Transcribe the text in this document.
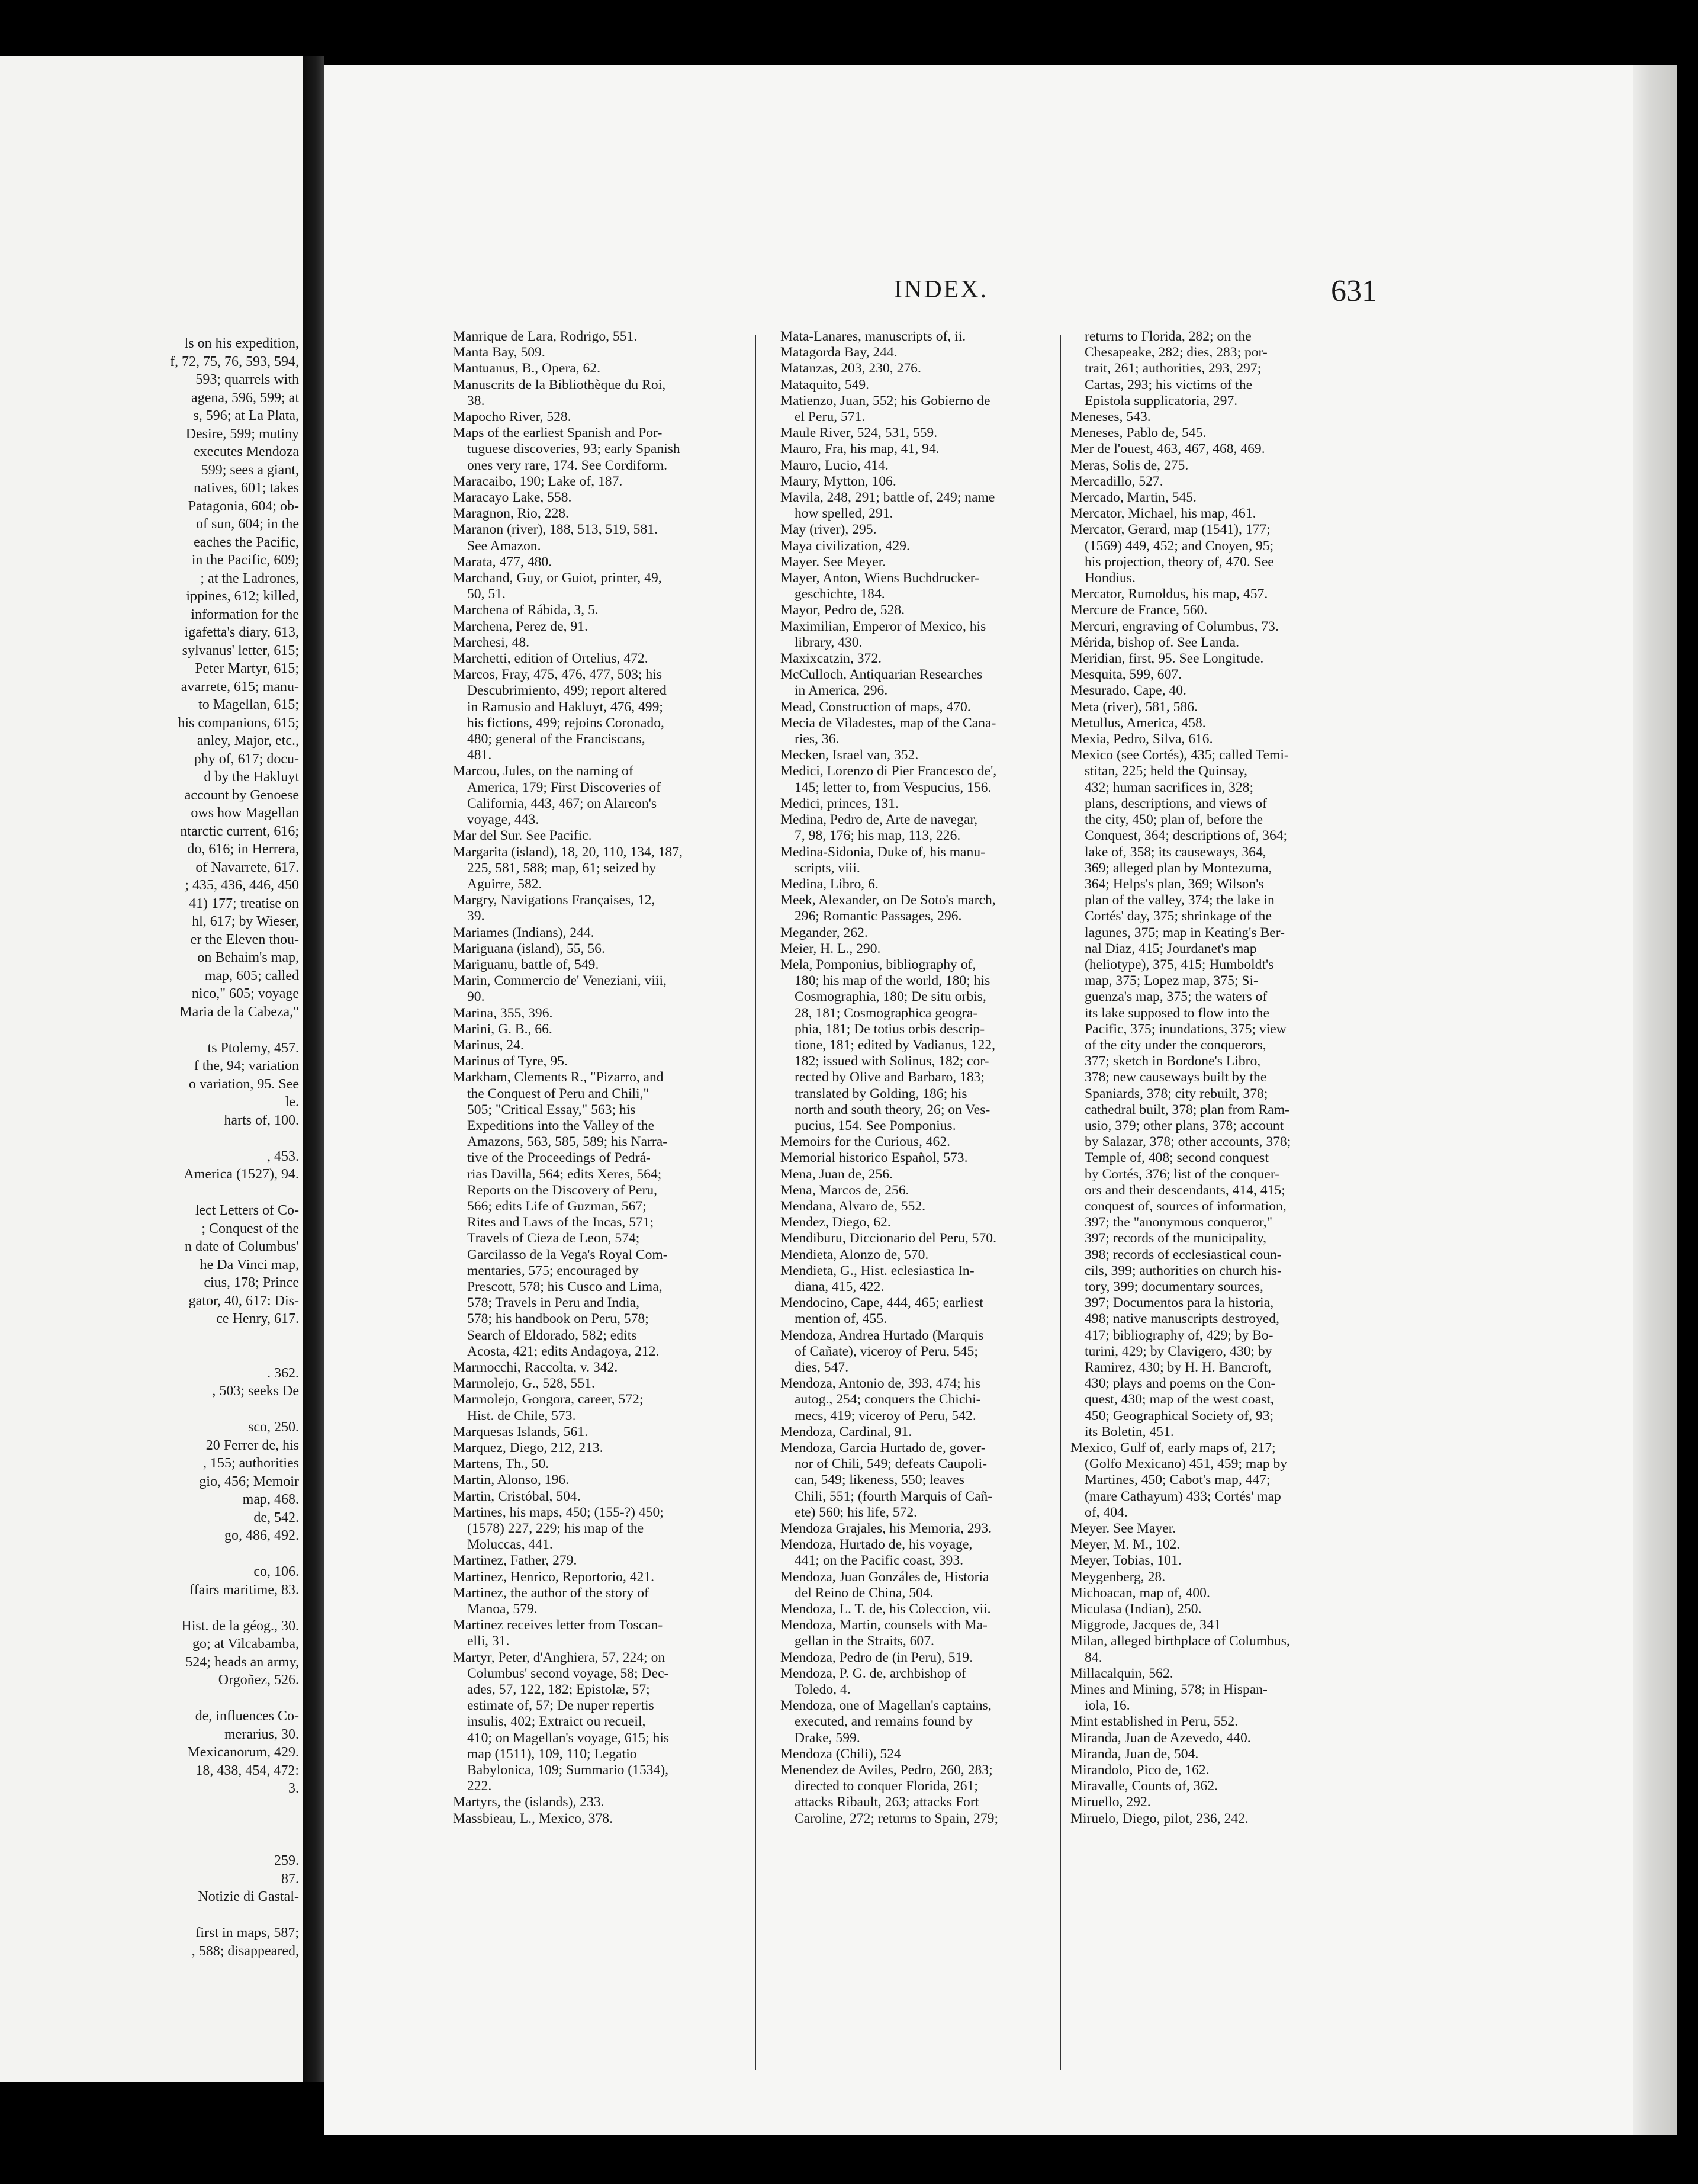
ls on his expedition,
f, 72, 75, 76, 593, 594,
593; quarrels with
agena, 596, 599; at
s, 596; at La Plata,
Desire, 599; mutiny
executes Mendoza
599; sees a giant,
natives, 601; takes
Patagonia, 604; ob-
of sun, 604; in the
eaches the Pacific,
in the Pacific, 609;
; at the Ladrones,
ippines, 612; killed,
information for the
igafetta's diary, 613,
sylvanus' letter, 615;
Peter Martyr, 615;
avarrete, 615; manu-
to Magellan, 615;
his companions, 615;
anley, Major, etc.,
phy of, 617; docu-
d by the Hakluyt
account by Genoese
ows how Magellan
ntarctic current, 616;
do, 616; in Herrera,
of Navarrete, 617.
; 435, 436, 446, 450
41) 177; treatise on
hl, 617; by Wieser,
er the Eleven thou-
on Behaim's map,
map, 605; called
nico," 605; voyage
Maria de la Cabeza,"

ts Ptolemy, 457.
f the, 94; variation
o variation, 95. See
le.
harts of, 100.

, 453.
America (1527), 94.

lect Letters of Co-
; Conquest of the
n date of Columbus'
he Da Vinci map,
cius, 178; Prince
gator, 40, 617: Dis-
ce Henry, 617.

. 362.
, 503; seeks De

sco, 250.
20 Ferrer de, his
, 155; authorities
gio, 456; Memoir
map, 468.
de, 542.
go, 486, 492.

co, 106.
ffairs maritime, 83.

Hist. de la géog., 30.
go; at Vilcabamba,
524; heads an army,
Orgoñez, 526.

de, influences Co-
merarius, 30.
Mexicanorum, 429.
18, 438, 454, 472:
3.

259.
87.
Notizie di Gastal-

first in maps, 587;
, 588; disappeared,
INDEX.	631
Manrique de Lara, Rodrigo, 551.
Manta Bay, 509.
Mantuanus, B., Opera, 62.
Manuscrits de la Bibliothèque du Roi,
38.
Mapocho River, 528.
Maps of the earliest Spanish and Por-
tuguese discoveries, 93; early Spanish
ones very rare, 174. See Cordiform.
Maracaibo, 190; Lake of, 187.
Maracayo Lake, 558.
Maragnon, Rio, 228.
Maranon (river), 188, 513, 519, 581.
See Amazon.
Marata, 477, 480.
Marchand, Guy, or Guiot, printer, 49,
50, 51.
Marchena of Rábida, 3, 5.
Marchena, Perez de, 91.
Marchesi, 48.
Marchetti, edition of Ortelius, 472.
Marcos, Fray, 475, 476, 477, 503; his
Descubrimiento, 499; report altered
in Ramusio and Hakluyt, 476, 499;
his fictions, 499; rejoins Coronado,
480; general of the Franciscans,
481.
Marcou, Jules, on the naming of
America, 179; First Discoveries of
California, 443, 467; on Alarcon's
voyage, 443.
Mar del Sur. See Pacific.
Margarita (island), 18, 20, 110, 134, 187,
225, 581, 588; map, 61; seized by
Aguirre, 582.
Margry, Navigations Françaises, 12,
39.
Mariames (Indians), 244.
Mariguana (island), 55, 56.
Mariguanu, battle of, 549.
Marin, Commercio de' Veneziani, viii,
90.
Marina, 355, 396.
Marini, G. B., 66.
Marinus, 24.
Marinus of Tyre, 95.
Markham, Clements R., "Pizarro, and
the Conquest of Peru and Chili,"
505; "Critical Essay," 563; his
Expeditions into the Valley of the
Amazons, 563, 585, 589; his Narra-
tive of the Proceedings of Pedrá-
rias Davilla, 564; edits Xeres, 564;
Reports on the Discovery of Peru,
566; edits Life of Guzman, 567;
Rites and Laws of the Incas, 571;
Travels of Cieza de Leon, 574;
Garcilasso de la Vega's Royal Com-
mentaries, 575; encouraged by
Prescott, 578; his Cusco and Lima,
578; Travels in Peru and India,
578; his handbook on Peru, 578;
Search of Eldorado, 582; edits
Acosta, 421; edits Andagoya, 212.
Marmocchi, Raccolta, v. 342.
Marmolejo, G., 528, 551.
Marmolejo, Gongora, career, 572;
Hist. de Chile, 573.
Marquesas Islands, 561.
Marquez, Diego, 212, 213.
Martens, Th., 50.
Martin, Alonso, 196.
Martin, Cristóbal, 504.
Martines, his maps, 450; (155-?) 450;
(1578) 227, 229; his map of the
Moluccas, 441.
Martinez, Father, 279.
Martinez, Henrico, Reportorio, 421.
Martinez, the author of the story of
Manoa, 579.
Martinez receives letter from Toscan-
elli, 31.
Martyr, Peter, d'Anghiera, 57, 224; on
Columbus' second voyage, 58; Dec-
ades, 57, 122, 182; Epistolæ, 57;
estimate of, 57; De nuper repertis
insulis, 402; Extraict ou recueil,
410; on Magellan's voyage, 615; his
map (1511), 109, 110; Legatio
Babylonica, 109; Summario (1534),
222.
Martyrs, the (islands), 233.
Massbieau, L., Mexico, 378.
Mata-Lanares, manuscripts of, ii.
Matagorda Bay, 244.
Matanzas, 203, 230, 276.
Mataquito, 549.
Matienzo, Juan, 552; his Gobierno de
el Peru, 571.
Maule River, 524, 531, 559.
Mauro, Fra, his map, 41, 94.
Mauro, Lucio, 414.
Maury, Mytton, 106.
Mavila, 248, 291; battle of, 249; name
how spelled, 291.
May (river), 295.
Maya civilization, 429.
Mayer. See Meyer.
Mayer, Anton, Wiens Buchdrucker-
geschichte, 184.
Mayor, Pedro de, 528.
Maximilian, Emperor of Mexico, his
library, 430.
Maxixcatzin, 372.
McCulloch, Antiquarian Researches
in America, 296.
Mead, Construction of maps, 470.
Mecia de Viladestes, map of the Cana-
ries, 36.
Mecken, Israel van, 352.
Medici, Lorenzo di Pier Francesco de',
145; letter to, from Vespucius, 156.
Medici, princes, 131.
Medina, Pedro de, Arte de navegar,
7, 98, 176; his map, 113, 226.
Medina-Sidonia, Duke of, his manu-
scripts, viii.
Medina, Libro, 6.
Meek, Alexander, on De Soto's march,
296; Romantic Passages, 296.
Megander, 262.
Meier, H. L., 290.
Mela, Pomponius, bibliography of,
180; his map of the world, 180; his
Cosmographia, 180; De situ orbis,
28, 181; Cosmographica geogra-
phia, 181; De totius orbis descrip-
tione, 181; edited by Vadianus, 122,
182; issued with Solinus, 182; cor-
rected by Olive and Barbaro, 183;
translated by Golding, 186; his
north and south theory, 26; on Ves-
pucius, 154. See Pomponius.
Memoirs for the Curious, 462.
Memorial historico Español, 573.
Mena, Juan de, 256.
Mena, Marcos de, 256.
Mendana, Alvaro de, 552.
Mendez, Diego, 62.
Mendiburu, Diccionario del Peru, 570.
Mendieta, Alonzo de, 570.
Mendieta, G., Hist. eclesiastica In-
diana, 415, 422.
Mendocino, Cape, 444, 465; earliest
mention of, 455.
Mendoza, Andrea Hurtado (Marquis
of Cañate), viceroy of Peru, 545;
dies, 547.
Mendoza, Antonio de, 393, 474; his
autog., 254; conquers the Chichi-
mecs, 419; viceroy of Peru, 542.
Mendoza, Cardinal, 91.
Mendoza, Garcia Hurtado de, gover-
nor of Chili, 549; defeats Caupoli-
can, 549; likeness, 550; leaves
Chili, 551; (fourth Marquis of Cañ-
ete) 560; his life, 572.
Mendoza Grajales, his Memoria, 293.
Mendoza, Hurtado de, his voyage,
441; on the Pacific coast, 393.
Mendoza, Juan Gonzáles de, Historia
del Reino de China, 504.
Mendoza, L. T. de, his Coleccion, vii.
Mendoza, Martin, counsels with Ma-
gellan in the Straits, 607.
Mendoza, Pedro de (in Peru), 519.
Mendoza, P. G. de, archbishop of
Toledo, 4.
Mendoza, one of Magellan's captains,
executed, and remains found by
Drake, 599.
Mendoza (Chili), 524
Menendez de Aviles, Pedro, 260, 283;
directed to conquer Florida, 261;
attacks Ribault, 263; attacks Fort
Caroline, 272; returns to Spain, 279;
returns to Florida, 282; on the
Chesapeake, 282; dies, 283; por-
trait, 261; authorities, 293, 297;
Cartas, 293; his victims of the
Epistola supplicatoria, 297.
Meneses, 543.
Meneses, Pablo de, 545.
Mer de l'ouest, 463, 467, 468, 469.
Meras, Solis de, 275.
Mercadillo, 527.
Mercado, Martin, 545.
Mercator, Michael, his map, 461.
Mercator, Gerard, map (1541), 177;
(1569) 449, 452; and Cnoyen, 95;
his projection, theory of, 470. See
Hondius.
Mercator, Rumoldus, his map, 457.
Mercure de France, 560.
Mercuri, engraving of Columbus, 73.
Mérida, bishop of. See Landa.
Meridian, first, 95. See Longitude.
Mesquita, 599, 607.
Mesurado, Cape, 40.
Meta (river), 581, 586.
Metullus, America, 458.
Mexia, Pedro, Silva, 616.
Mexico (see Cortés), 435; called Temi-
stitan, 225; held the Quinsay,
432; human sacrifices in, 328;
plans, descriptions, and views of
the city, 450; plan of, before the
Conquest, 364; descriptions of, 364;
lake of, 358; its causeways, 364,
369; alleged plan by Montezuma,
364; Helps's plan, 369; Wilson's
plan of the valley, 374; the lake in
Cortés' day, 375; shrinkage of the
lagunes, 375; map in Keating's Ber-
nal Diaz, 415; Jourdanet's map
(heliotype), 375, 415; Humboldt's
map, 375; Lopez map, 375; Si-
guenza's map, 375; the waters of
its lake supposed to flow into the
Pacific, 375; inundations, 375; view
of the city under the conquerors,
377; sketch in Bordone's Libro,
378; new causeways built by the
Spaniards, 378; city rebuilt, 378;
cathedral built, 378; plan from Ram-
usio, 379; other plans, 378; account
by Salazar, 378; other accounts, 378;
Temple of, 408; second conquest
by Cortés, 376; list of the conquer-
ors and their descendants, 414, 415;
conquest of, sources of information,
397; the "anonymous conqueror,"
397; records of the municipality,
398; records of ecclesiastical coun-
cils, 399; authorities on church his-
tory, 399; documentary sources,
397; Documentos para la historia,
498; native manuscripts destroyed,
417; bibliography of, 429; by Bo-
turini, 429; by Clavigero, 430; by
Ramirez, 430; by H. H. Bancroft,
430; plays and poems on the Con-
quest, 430; map of the west coast,
450; Geographical Society of, 93;
its Boletin, 451.
Mexico, Gulf of, early maps of, 217;
(Golfo Mexicano) 451, 459; map by
Martines, 450; Cabot's map, 447;
(mare Cathayum) 433; Cortés' map
of, 404.
Meyer. See Mayer.
Meyer, M. M., 102.
Meyer, Tobias, 101.
Meygenberg, 28.
Michoacan, map of, 400.
Miculasa (Indian), 250.
Miggrode, Jacques de, 341
Milan, alleged birthplace of Columbus,
84.
Millacalquin, 562.
Mines and Mining, 578; in Hispan-
iola, 16.
Mint established in Peru, 552.
Miranda, Juan de Azevedo, 440.
Miranda, Juan de, 504.
Mirandolo, Pico de, 162.
Miravalle, Counts of, 362.
Miruello, 292.
Miruelo, Diego, pilot, 236, 242.
